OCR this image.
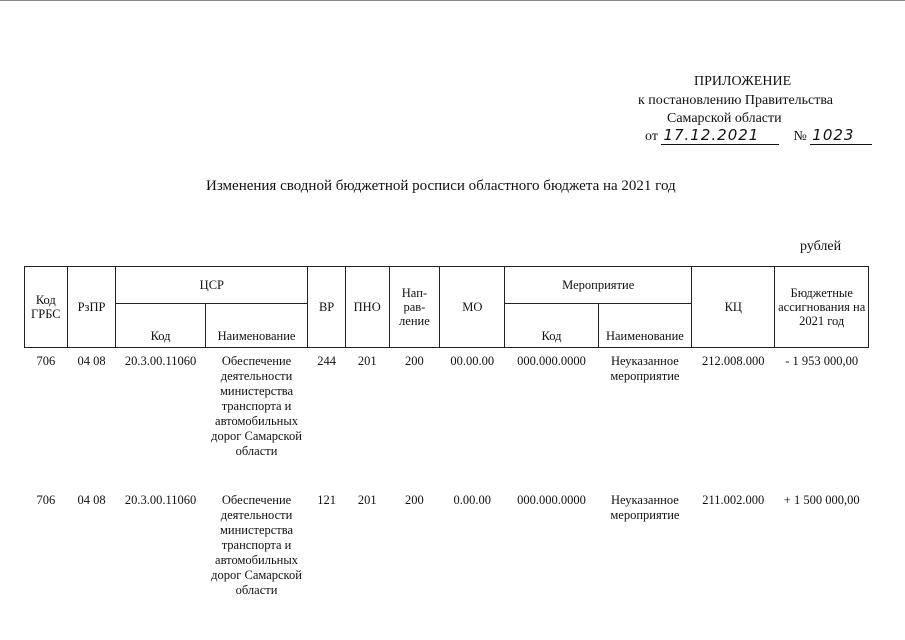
ПРИЛОЖЕНИЕ
к постановлению Правительства
Самарской области
от 17.12.2021 № 1023
Изменения сводной бюджетной росписи областного бюджета на 2021 год
рублей
Код ГРБС	РзПР	ЦСР		ВР	ПНО	Нап-рав-ление	МО	Мероприятие		КЦ	Бюджетные ассигнования на 2021 год
		Код	Наименование					Код	Наименование		
706	04 08	20.3.00.11060	Обеспечение деятельности министерства транспорта и автомобильных дорог Самарской области	244	201	200	00.00.00	000.000.0000	Неуказанное мероприятие	212.008.000	- 1 953 000,00
706	04 08	20.3.00.11060	Обеспечение деятельности министерства транспорта и автомобильных дорог Самарской области	121	201	200	0.00.00	000.000.0000	Неуказанное мероприятие	211.002.000	+ 1 500 000,00
